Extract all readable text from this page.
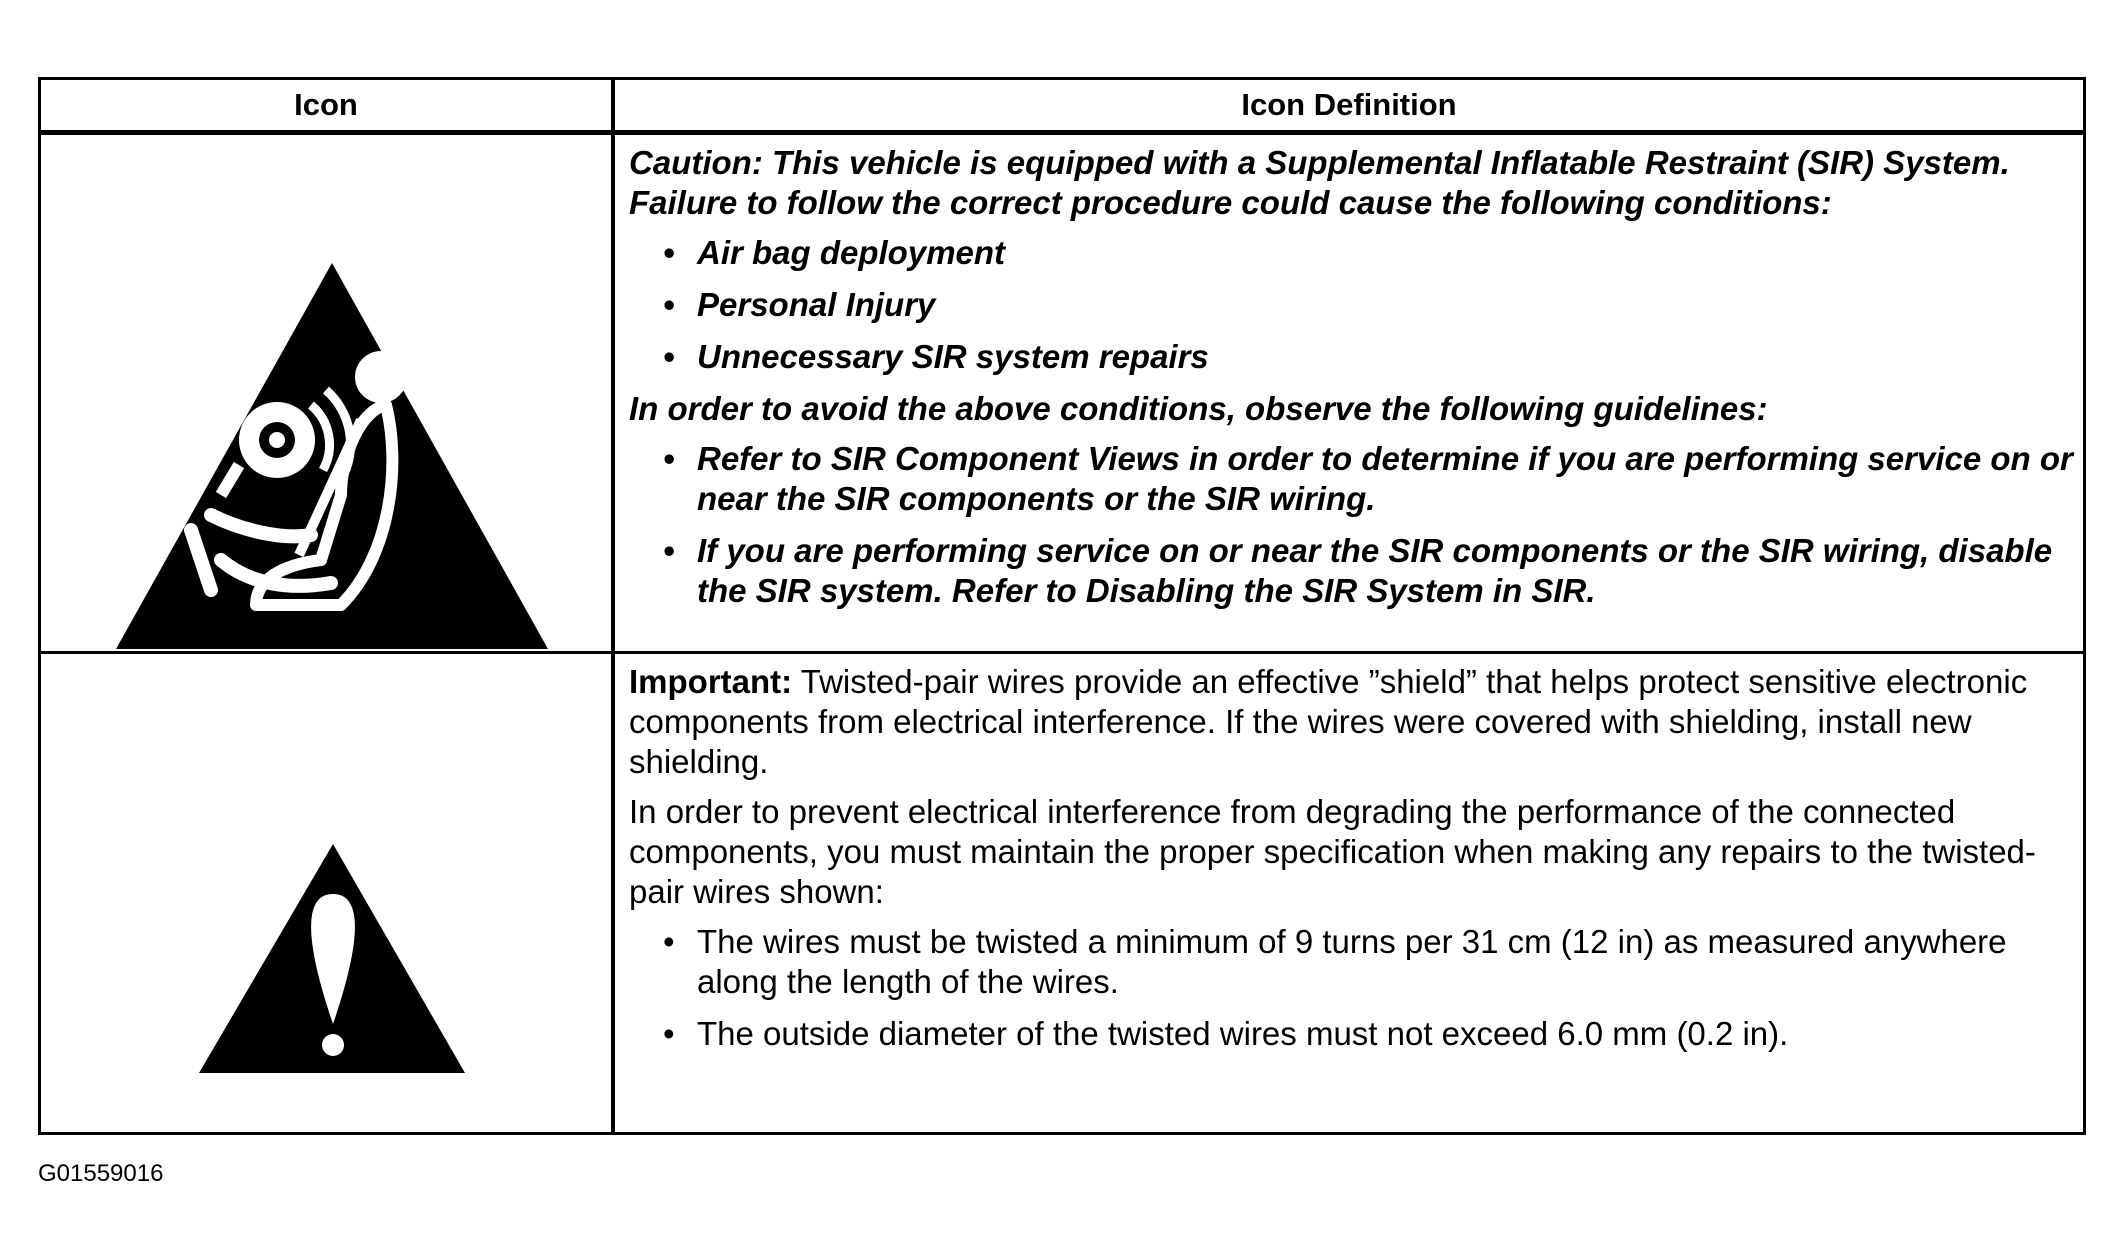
Icon	Icon Definition

Caution: This vehicle is equipped with a Supplemental Inflatable Restraint (SIR) System. Failure to follow the correct procedure could cause the following conditions:

• Air bag deployment
• Personal Injury
• Unnecessary SIR system repairs

In order to avoid the above conditions, observe the following guidelines:

• Refer to SIR Component Views in order to determine if you are performing service on or near the SIR components or the SIR wiring.
• If you are performing service on or near the SIR components or the SIR wiring, disable the SIR system. Refer to Disabling the SIR System in SIR.

Important: Twisted-pair wires provide an effective ”shield” that helps protect sensitive electronic components from electrical interference. If the wires were covered with shielding, install new shielding.

In order to prevent electrical interference from degrading the performance of the connected components, you must maintain the proper specification when making any repairs to the twisted-pair wires shown:

• The wires must be twisted a minimum of 9 turns per 31 cm (12 in) as measured anywhere along the length of the wires.
• The outside diameter of the twisted wires must not exceed 6.0 mm (0.2 in).
G01559016
